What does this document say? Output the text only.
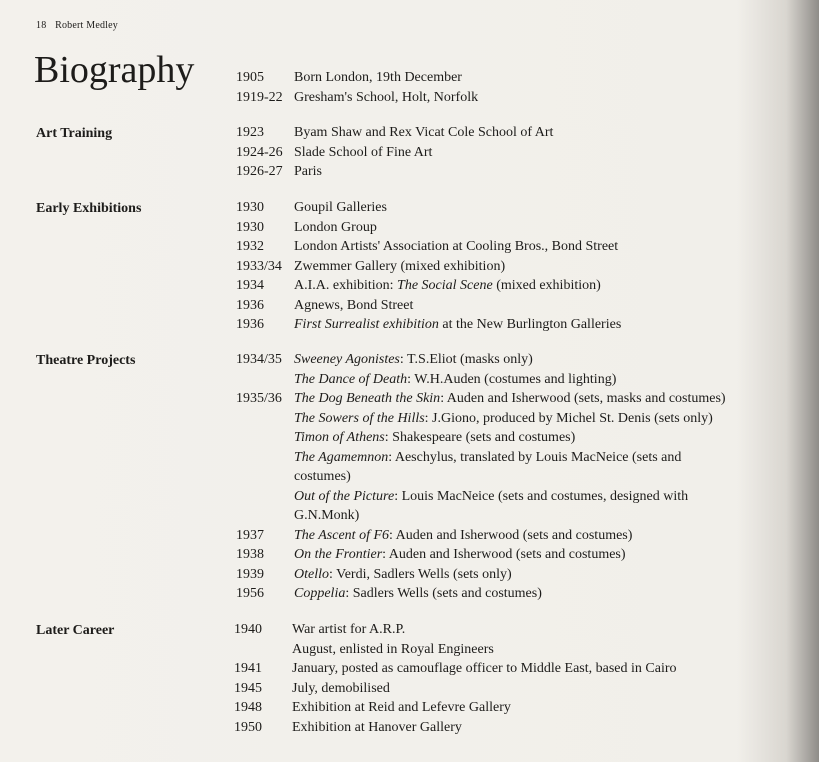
18 Robert Medley
Biography	1905 Born London, 19th December
1919-22 Gresham's School, Holt, Norfolk
Art Training	1923 Byam Shaw and Rex Vicat Cole School of Art
1924-26 Slade School of Fine Art
1926-27 Paris
Early Exhibitions	1930 Goupil Galleries
1930 London Group
1932 London Artists' Association at Cooling Bros., Bond Street
1933/34 Zwemmer Gallery (mixed exhibition)
1934 A.I.A. exhibition: The Social Scene (mixed exhibition)
1936 Agnews, Bond Street
1936 First Surrealist exhibition at the New Burlington Galleries
Theatre Projects	1934/35 Sweeney Agonistes: T.S.Eliot (masks only)
The Dance of Death: W.H.Auden (costumes and lighting)
1935/36 The Dog Beneath the Skin: Auden and Isherwood (sets, masks and costumes)
The Sowers of the Hills: J.Giono, produced by Michel St. Denis (sets only)
Timon of Athens: Shakespeare (sets and costumes)
The Agamemnon: Aeschylus, translated by Louis MacNeice (sets and
costumes)
Out of the Picture: Louis MacNeice (sets and costumes, designed with
G.N.Monk)
1937 The Ascent of F6: Auden and Isherwood (sets and costumes)
1938 On the Frontier: Auden and Isherwood (sets and costumes)
1939 Otello: Verdi, Sadlers Wells (sets only)
1956 Coppelia: Sadlers Wells (sets and costumes)
Later Career	1940 War artist for A.R.P.
August, enlisted in Royal Engineers
1941 January, posted as camouflage officer to Middle East, based in Cairo
1945 July, demobilised
1948 Exhibition at Reid and Lefevre Gallery
1950 Exhibition at Hanover Gallery
